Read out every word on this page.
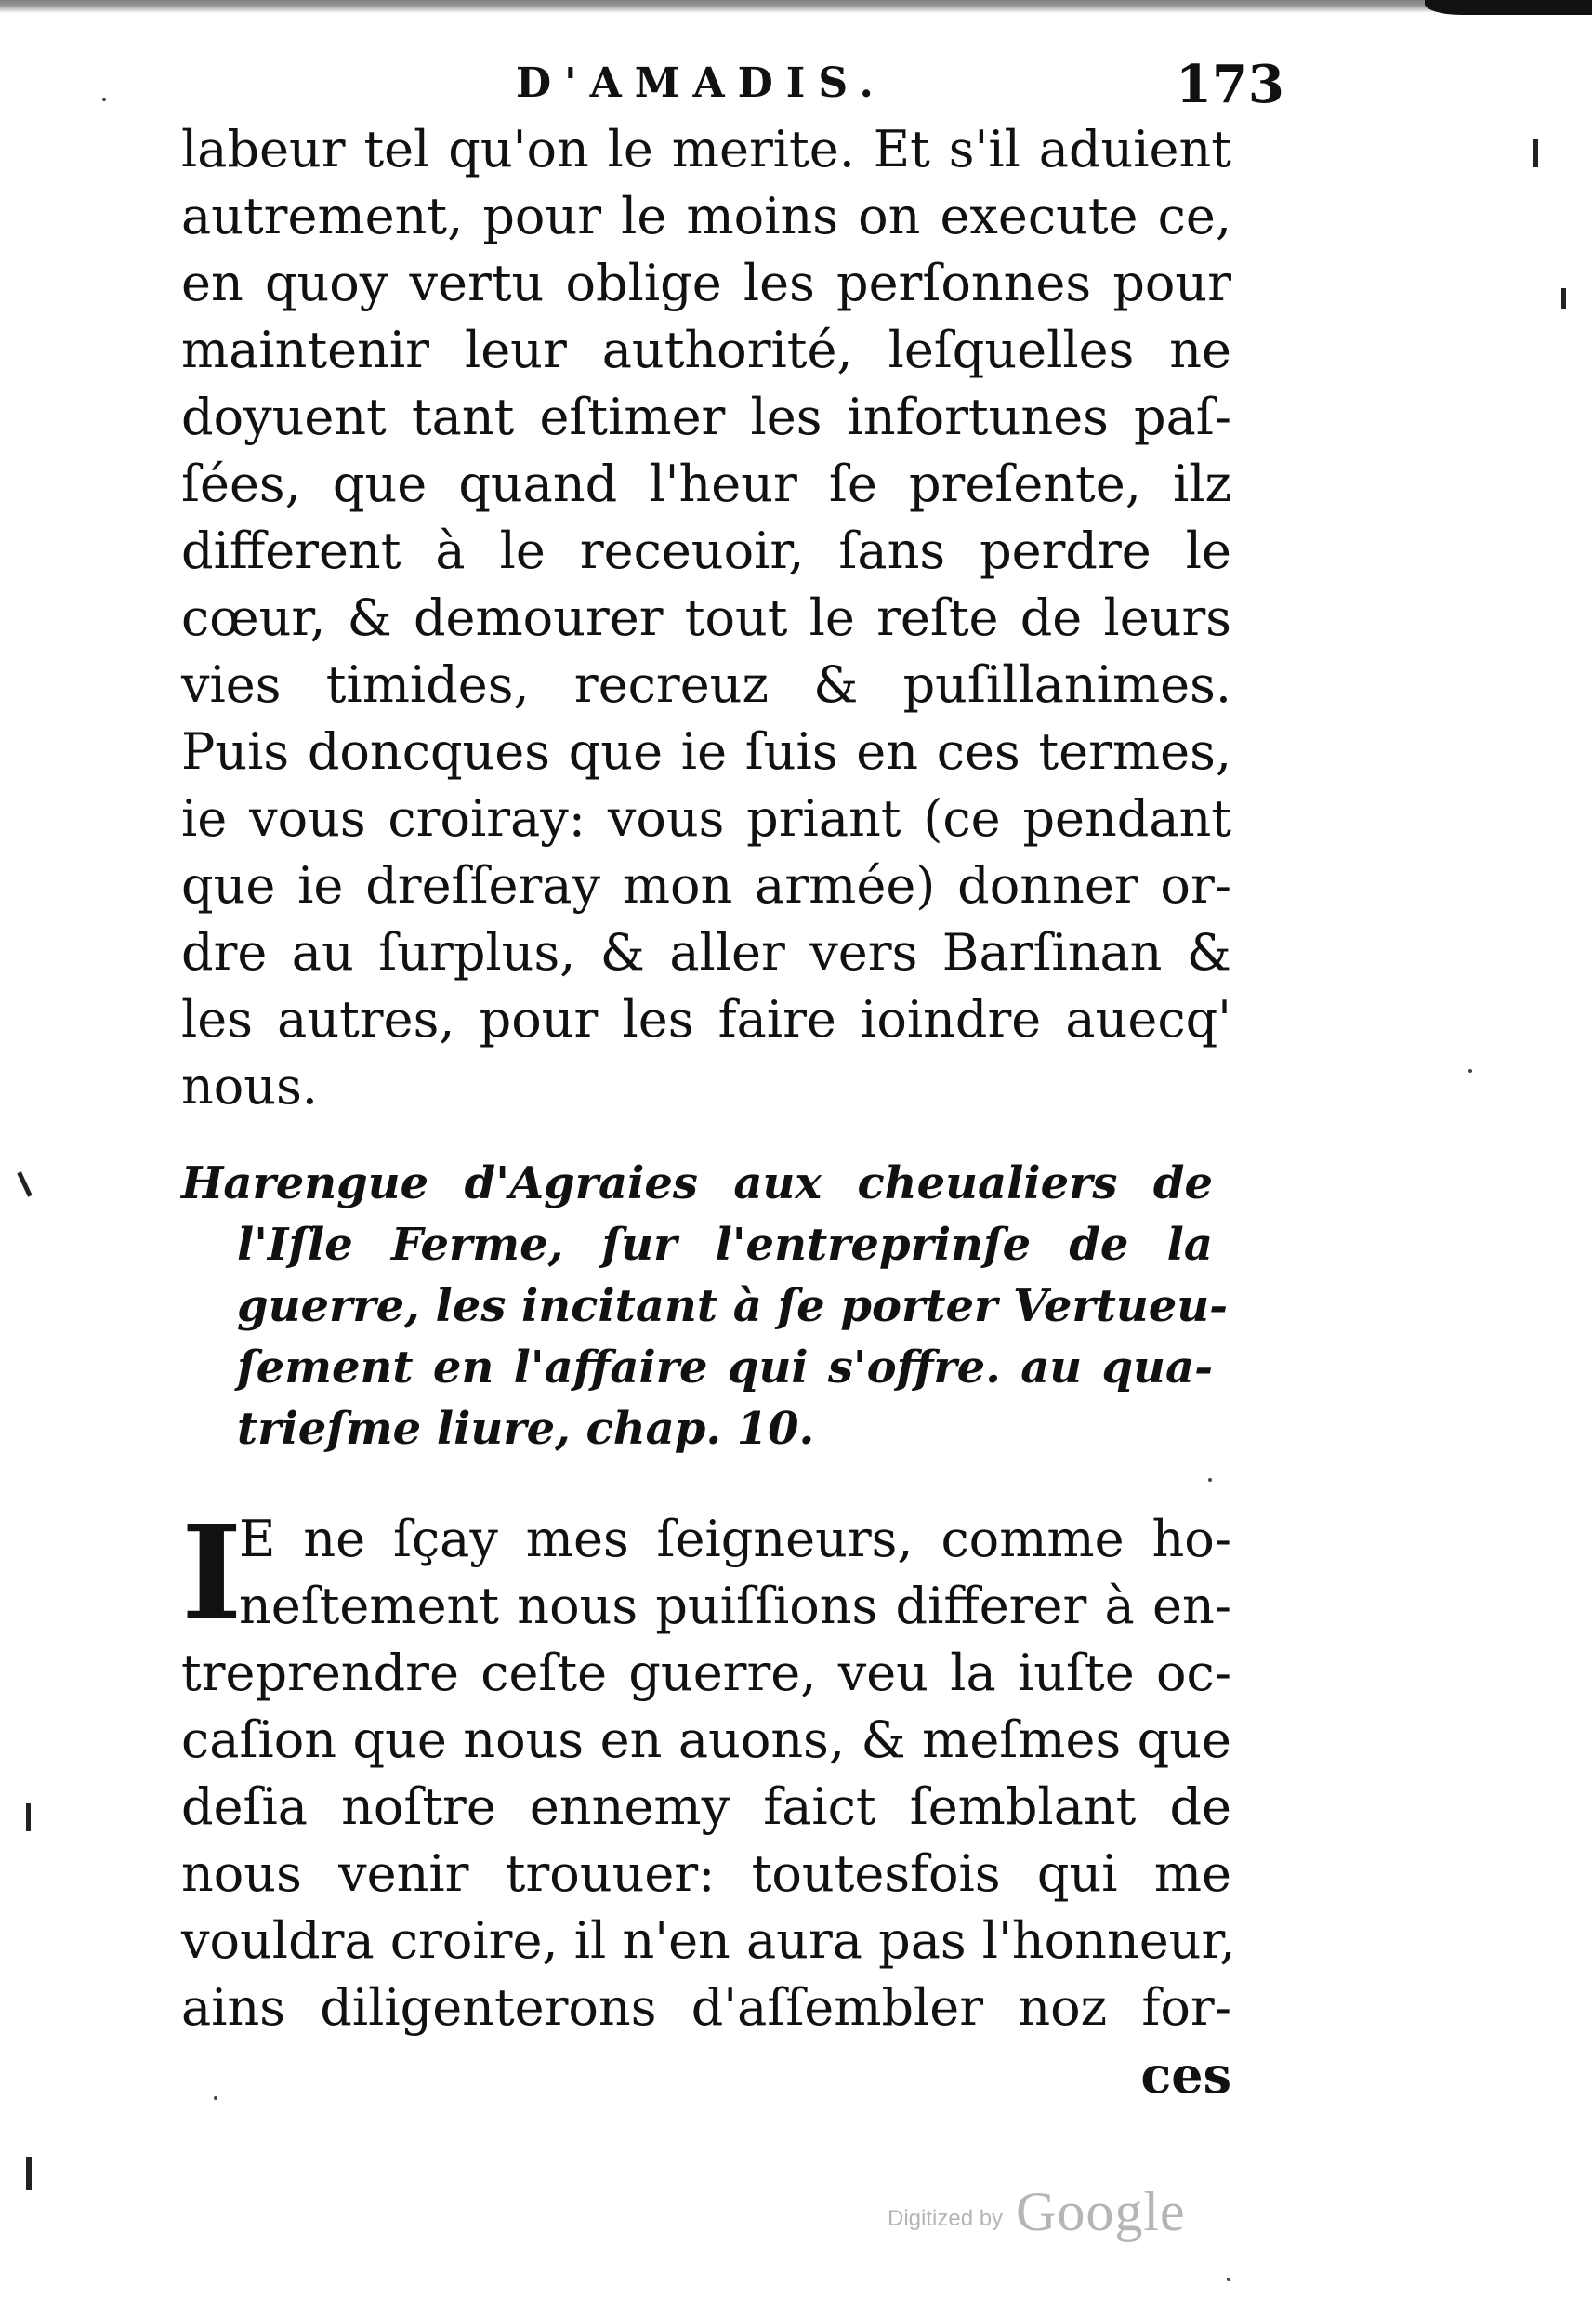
D'AMADIS.	173
labeur tel qu'on le merite. Et s'il aduient
autrement, pour le moins on execute ce,
en quoy vertu oblige les perſonnes pour
maintenir leur authorité, leſquelles ne
doyuent tant eſtimer les infortunes paſ-
ſées, que quand l'heur ſe preſente, ilz
different à le receuoir, ſans perdre le
cœur, & demourer tout le reſte de leurs
vies timides, recreuz & puſillanimes.
Puis doncques que ie ſuis en ces termes,
ie vous croiray: vous priant (ce pendant
que ie dreſſeray mon armée) donner or-
dre au ſurplus, & aller vers Barſinan &
les autres, pour les faire ioindre auecq'
nous.
Harengue d'Agraies aux cheualiers de
l'Iſle Ferme, ſur l'entreprinſe de la
guerre, les incitant à ſe porter Vertueu-
ſement en l'affaire qui s'offre. au qua-
trieſme liure, chap. 10.
I
E ne ſçay mes ſeigneurs, comme ho-
neſtement nous puiſſions differer à en-
treprendre ceſte guerre, veu la iuſte oc-
caſion que nous en auons, & meſmes que
deſia noſtre ennemy faict ſemblant de
nous venir trouuer: toutesfois qui me
vouldra croire, il n'en aura pas l'honneur,
ains diligenterons d'aſſembler noz for-
ces
Digitized by Google
